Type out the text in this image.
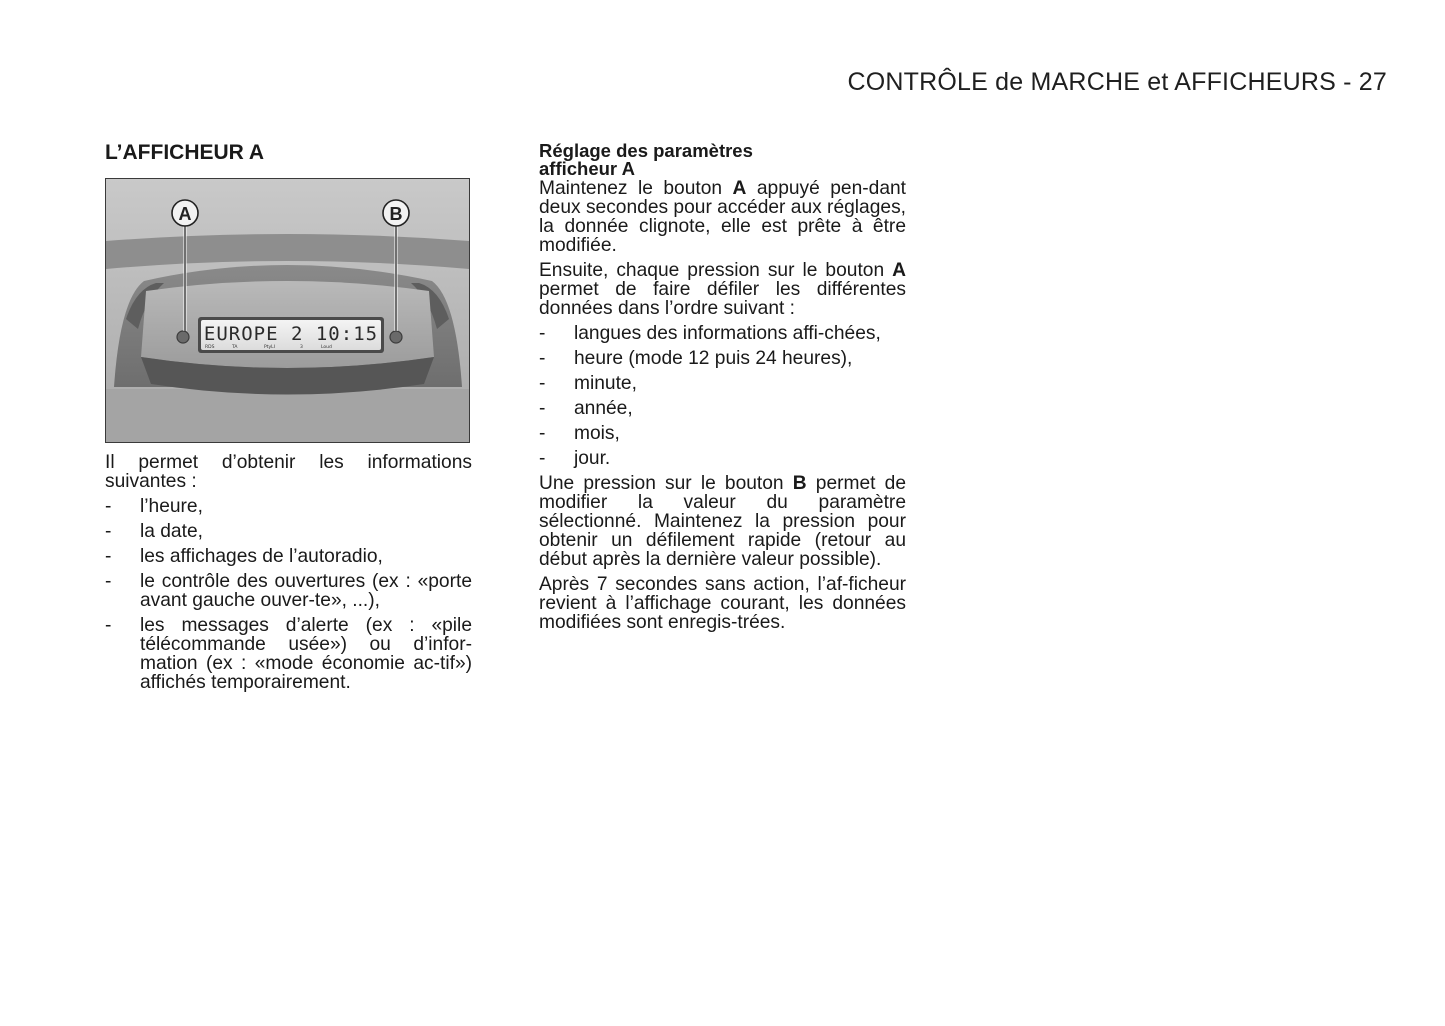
CONTRÔLE de MARCHE et AFFICHEURS - 27
L’AFFICHEUR A
EUROPE 2 10:15
RDS	TA	PtyLI	3	Loud
A	B

Il permet d’obtenir les informations suivantes :

- l’heure,
- la date,
- les affichages de l’autoradio,
- le contrôle des ouvertures (ex : «porte avant gauche ouver-te», ...),
- les messages d’alerte (ex : «pile télécommande usée») ou d’infor-mation (ex : «mode économie ac-tif») affichés temporairement.
Réglage des paramètres
afficheur A

Maintenez le bouton A appuyé pen-dant deux secondes pour accéder aux réglages, la donnée clignote, elle est prête à être modifiée.

Ensuite, chaque pression sur le bouton A permet de faire défiler les différentes données dans l’ordre suivant :

- langues des informations affi-chées,
- heure (mode 12 puis 24 heures),
- minute,
- année,
- mois,
- jour.

Une pression sur le bouton B permet de modifier la valeur du paramètre sélectionné. Maintenez la pression pour obtenir un défilement rapide (retour au début après la dernière valeur possible).

Après 7 secondes sans action, l’af-ficheur revient à l’affichage courant, les données modifiées sont enregis-trées.
